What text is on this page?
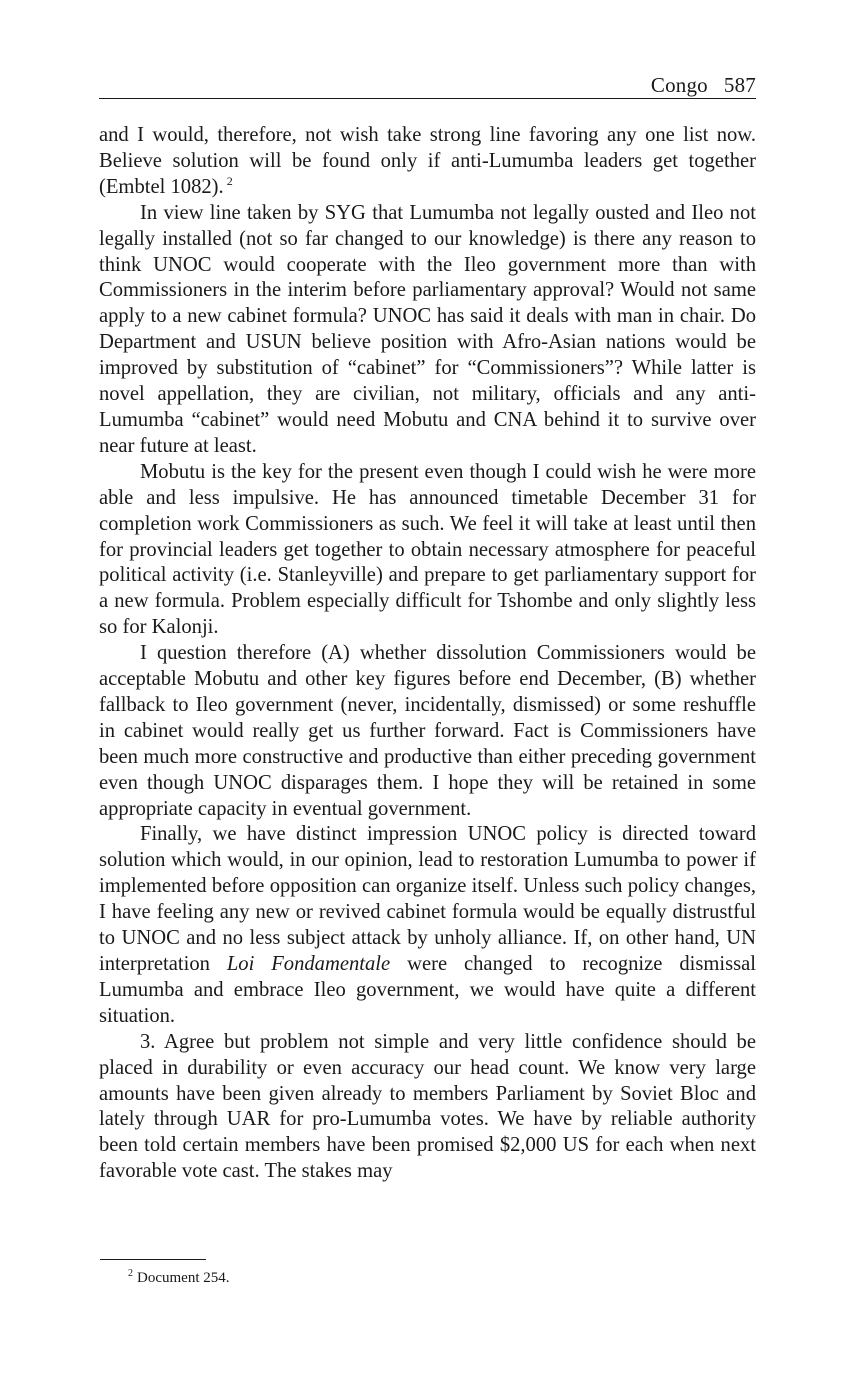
Congo 587

and I would, therefore, not wish take strong line favoring any one list now. Believe solution will be found only if anti-Lumumba leaders get together (Embtel 1082). $^2$

In view line taken by SYG that Lumumba not legally ousted and Ileo not legally installed (not so far changed to our knowledge) is there any reason to think UNOC would cooperate with the Ileo government more than with Commissioners in the interim before parliamentary approval? Would not same apply to a new cabinet formula? UNOC has said it deals with man in chair. Do Department and USUN believe position with Afro-Asian nations would be improved by substitution of “cabinet” for “Commissioners”? While latter is novel appellation, they are civilian, not military, officials and any anti-Lumumba “cabinet” would need Mobutu and CNA behind it to survive over near future at least.

Mobutu is the key for the present even though I could wish he were more able and less impulsive. He has announced timetable December 31 for completion work Commissioners as such. We feel it will take at least until then for provincial leaders get together to obtain necessary atmosphere for peaceful political activity (i.e. Stanleyville) and prepare to get parliamentary support for a new formula. Problem especially difficult for Tshombe and only slightly less so for Kalonji.

I question therefore (A) whether dissolution Commissioners would be acceptable Mobutu and other key figures before end December, (B) whether fallback to Ileo government (never, incidentally, dismissed) or some reshuffle in cabinet would really get us further forward. Fact is Commissioners have been much more constructive and productive than either preceding government even though UNOC disparages them. I hope they will be retained in some appropriate capacity in eventual government.

Finally, we have distinct impression UNOC policy is directed toward solution which would, in our opinion, lead to restoration Lumumba to power if implemented before opposition can organize itself. Unless such policy changes, I have feeling any new or revived cabinet formula would be equally distrustful to UNOC and no less subject attack by unholy alliance. If, on other hand, UN interpretation Loi Fondamentale were changed to recognize dismissal Lumumba and embrace Ileo government, we would have quite a different situation.

3. Agree but problem not simple and very little confidence should be placed in durability or even accuracy our head count. We know very large amounts have been given already to members Parliament by Soviet Bloc and lately through UAR for pro-Lumumba votes. We have by reliable authority been told certain members have been promised $2,000 US for each when next favorable vote cast. The stakes may

$^2$ Document 254.
